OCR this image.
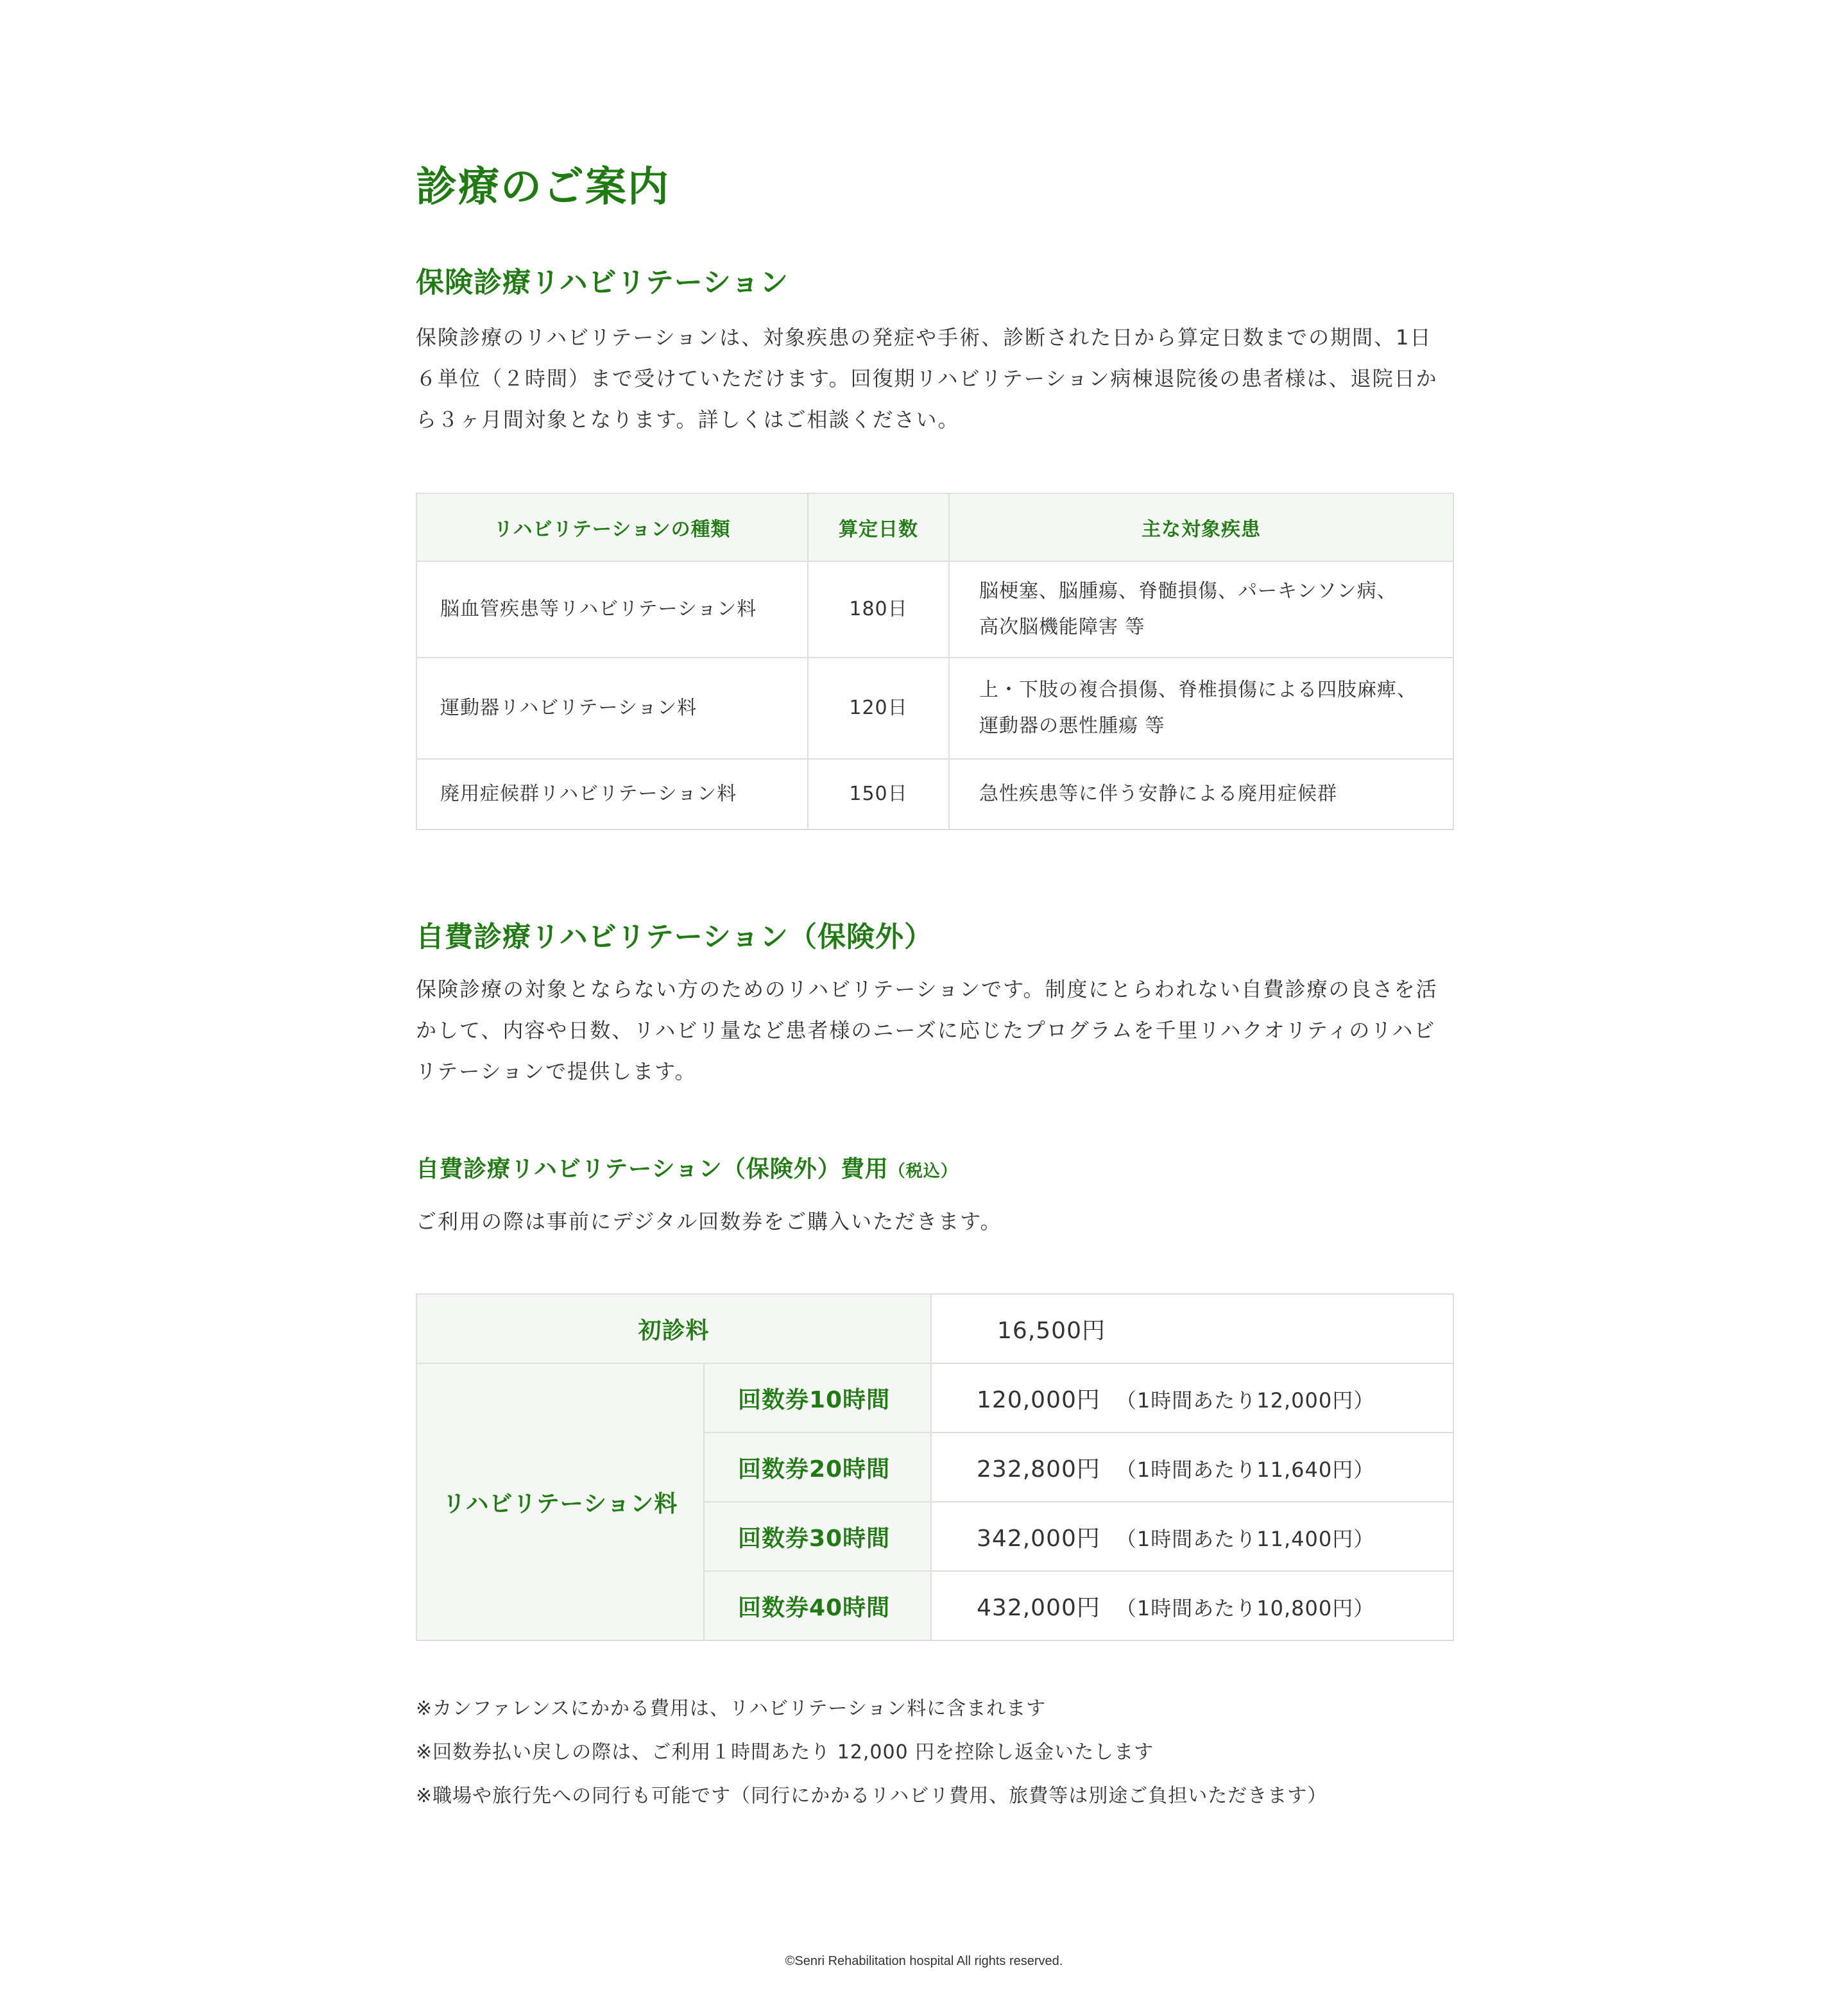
診療のご案内
保険診療リハビリテーション

保険診療のリハビリテーションは、対象疾患の発症や手術、診断された日から算定日数までの期間、1日６単位（２時間）まで受けていただけます。回復期リハビリテーション病棟退院後の患者様は、退院日から３ヶ月間対象となります。詳しくはご相談ください。

リハビリテーションの種類	算定日数	主な対象疾患
脳血管疾患等リハビリテーション料	180日	脳梗塞、脳腫瘍、脊髄損傷、パーキンソン病、
高次脳機能障害 等

運動器リハビリテーション料	120日	上・下肢の複合損傷、脊椎損傷による四肢麻痺、
運動器の悪性腫瘍 等

廃用症候群リハビリテーション料	150日	急性疾患等に伴う安静による廃用症候群
自費診療リハビリテーション（保険外）

保険診療の対象とならない方のためのリハビリテーションです。制度にとらわれない自費診療の良さを活かして、内容や日数、リハビリ量など患者様のニーズに応じたプログラムを千里リハクオリティのリハビリテーションで提供します。

自費診療リハビリテーション（保険外）費用（税込）

ご利用の際は事前にデジタル回数券をご購入いただきます。

初診料		16,500円
リハビリテーション料	回数券10時間	120,000円 （1時間あたり12,000円）
	回数券20時間	232,800円 （1時間あたり11,640円）
	回数券30時間	342,000円 （1時間あたり11,400円）
	回数券40時間	432,000円 （1時間あたり10,800円）
※カンファレンスにかかる費用は、リハビリテーション料に含まれます
※回数券払い戻しの際は、ご利用１時間あたり 12,000 円を控除し返金いたします
※職場や旅行先への同行も可能です（同行にかかるリハビリ費用、旅費等は別途ご負担いただきます）
©Senri Rehabilitation hospital All rights reserved.
